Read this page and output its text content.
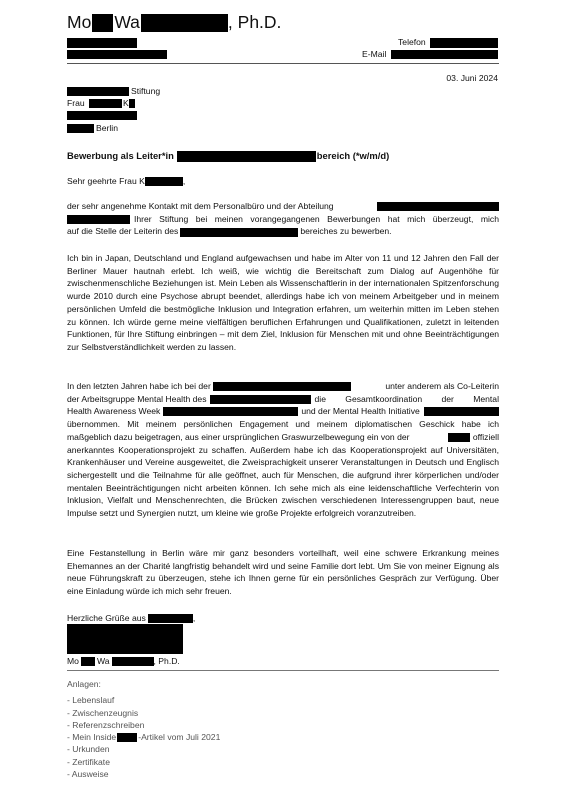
Mo Wa	, Ph.D.
Telefon
E-Mail
03. Juni 2024
Stiftung
Frau	K
Berlin
Bewerbung als Leiter*in	bereich (*w/m/d)
Sehr geehrte Frau K	,
der sehr angenehme Kontakt mit dem Personalbüro und der Abteilung
Ihrer Stiftung bei meinen vorangegangenen Bewerbungen hat mich überzeugt, mich
auf die Stelle der Leiterin des	bereiches zu bewerben.
Ich bin in Japan, Deutschland und England aufgewachsen und habe im Alter von 11 und 12 Jahren den Fall der Berliner Mauer hautnah erlebt. Ich weiß, wie wichtig die Bereitschaft zum Dialog auf Augenhöhe für zwischenmenschliche Beziehungen ist. Mein Leben als Wissenschaftlerin in der internationalen Spitzenforschung wurde 2010 durch eine Psychose abrupt beendet, allerdings habe ich von meinem Arbeitgeber und in meinem persönlichen Umfeld die bestmögliche Inklusion und Integration erfahren, um weiterhin mitten im Leben stehen zu können. Ich würde gerne meine vielfältigen beruflichen Erfahrungen und Qualifikationen, zuletzt in leitenden Funktionen, für Ihre Stiftung einbringen – mit dem Ziel, Inklusion für Menschen mit und ohne Beeinträchtigungen zur Selbstverständlichkeit werden zu lassen.
In den letzten Jahren habe ich bei der	unter anderem als Co-Leiterin
der Arbeitsgruppe Mental Health des	die Gesamtkoordination der Mental
Health Awareness Week	und der Mental Health Initiative
übernommen. Mit meinem persönlichen Engagement und meinem diplomatischen Geschick habe ich
maßgeblich dazu beigetragen, aus einer ursprünglichen Graswurzelbewegung ein von der	offiziell
anerkanntes Kooperationsprojekt zu schaffen. Außerdem habe ich das Kooperationsprojekt auf Universitäten, Krankenhäuser und Vereine ausgeweitet, die Zweisprachigkeit unserer Veranstaltungen in Deutsch und Englisch sichergestellt und die Teilnahme für alle geöffnet, auch für Menschen, die aufgrund ihrer körperlichen und/oder mentalen Beeinträchtigungen nicht arbeiten können. Ich sehe mich als eine leidenschaftliche Verfechterin von Inklusion, Vielfalt und Menschenrechten, die Brücken zwischen verschiedenen Interessengruppen baut, neue Impulse setzt und Synergien nutzt, um kleine wie große Projekte erfolgreich voranzutreiben.
Eine Festanstellung in Berlin wäre mir ganz besonders vorteilhaft, weil eine schwere Erkrankung meines Ehemannes an der Charité langfristig behandelt wird und seine Familie dort lebt. Um Sie von meiner Eignung als neue Führungskraft zu überzeugen, stehe ich Ihnen gerne für ein persönliches Gespräch zur Verfügung. Über eine Einladung würde ich mich sehr freuen.
Herzliche Grüße aus	,
Mo Wa	, Ph.D.
Anlagen:
- Lebenslauf
- Zwischenzeugnis
- Referenzschreiben
- Mein Inside	-Artikel vom Juli 2021
- Urkunden
- Zertifikate
- Ausweise
